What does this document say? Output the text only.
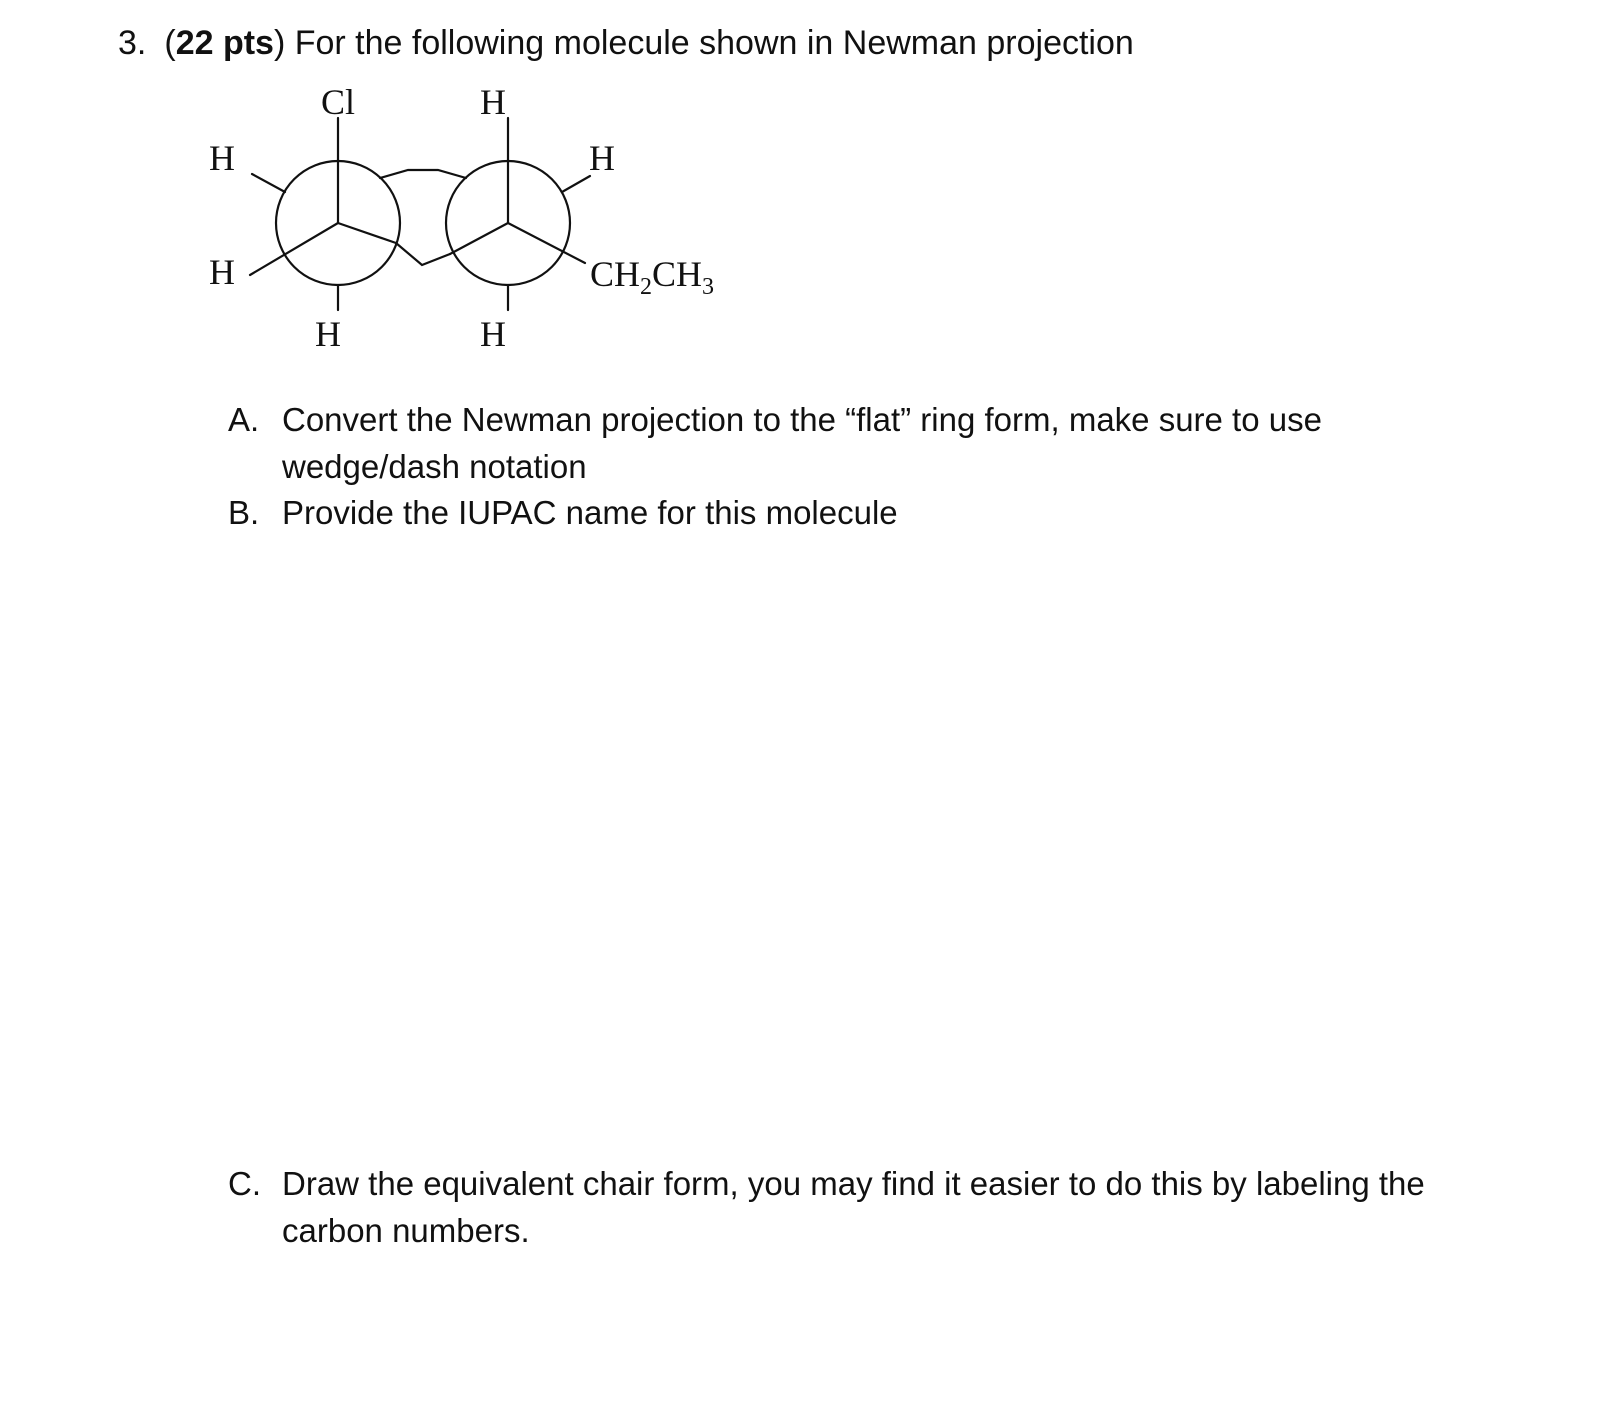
3. (22 pts) For the following molecule shown in Newman projection
Cl	H
H
H
H
$CH_2CH_3$
H	H
A. Convert the Newman projection to the “flat” ring form, make sure to use wedge/dash notation
B. Provide the IUPAC name for this molecule
C. Draw the equivalent chair form, you may find it easier to do this by labeling the carbon numbers.
